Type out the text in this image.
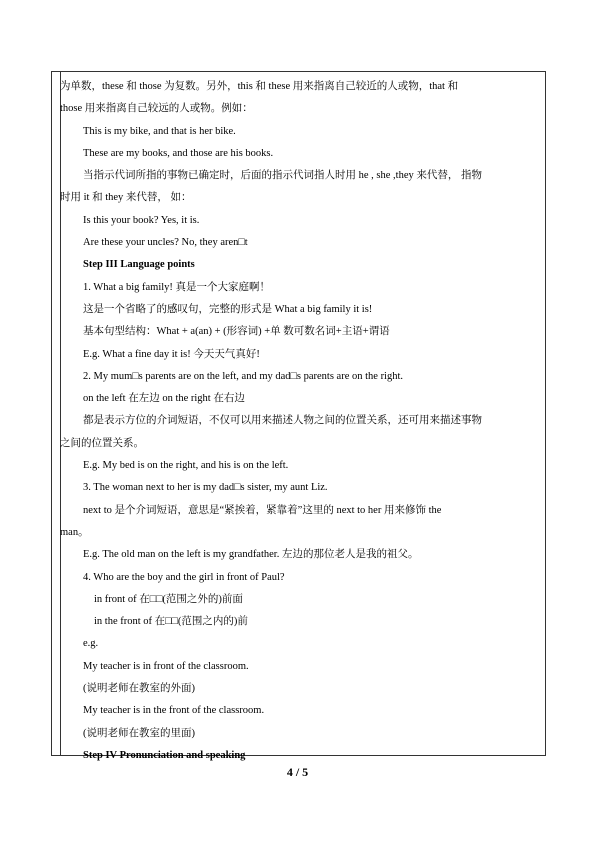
为单数，these 和 those 为复数。另外，this 和 these 用来指离自己较近的人或物，that 和
those 用来指离自己较远的人或物。例如：
This is my bike, and that is her bike.
These are my books, and those are his books.
当指示代词所指的事物已确定时，后面的指示代词指人时用 he , she ,they 来代替， 指物
时用 it 和 they 来代替， 如：
Is this your book? Yes, it is.
Are these your uncles? No, they aren□t
Step III Language points
1. What a big family! 真是一个大家庭啊！
这是一个省略了的感叹句，完整的形式是 What a big family it is!
基本句型结构：What + a(an) + (形容词) +单 数可数名词+主语+谓语
E.g. What a fine day it is! 今天天气真好!
2. My mum□s parents are on the left, and my dad□s parents are on the right.
on the left 在左边 on the right 在右边
都是表示方位的介词短语，不仅可以用来描述人物之间的位置关系，还可用来描述事物
之间的位置关系。
E.g. My bed is on the right, and his is on the left.
3. The woman next to her is my dad□s sister, my aunt Liz.
next to 是个介词短语，意思是“紧挨着，紧靠着”这里的 next to her 用来修饰 the
man。
E.g. The old man on the left is my grandfather. 左边的那位老人是我的祖父。
4. Who are the boy and the girl in front of Paul?
in front of 在□□(范围之外的)前面
in the front of 在□□(范围之内的)前
e.g.
My teacher is in front of the classroom.
(说明老师在教室的外面)
My teacher is in the front of the classroom.
(说明老师在教室的里面)
Step IV Pronunciation and speaking
4 / 5
